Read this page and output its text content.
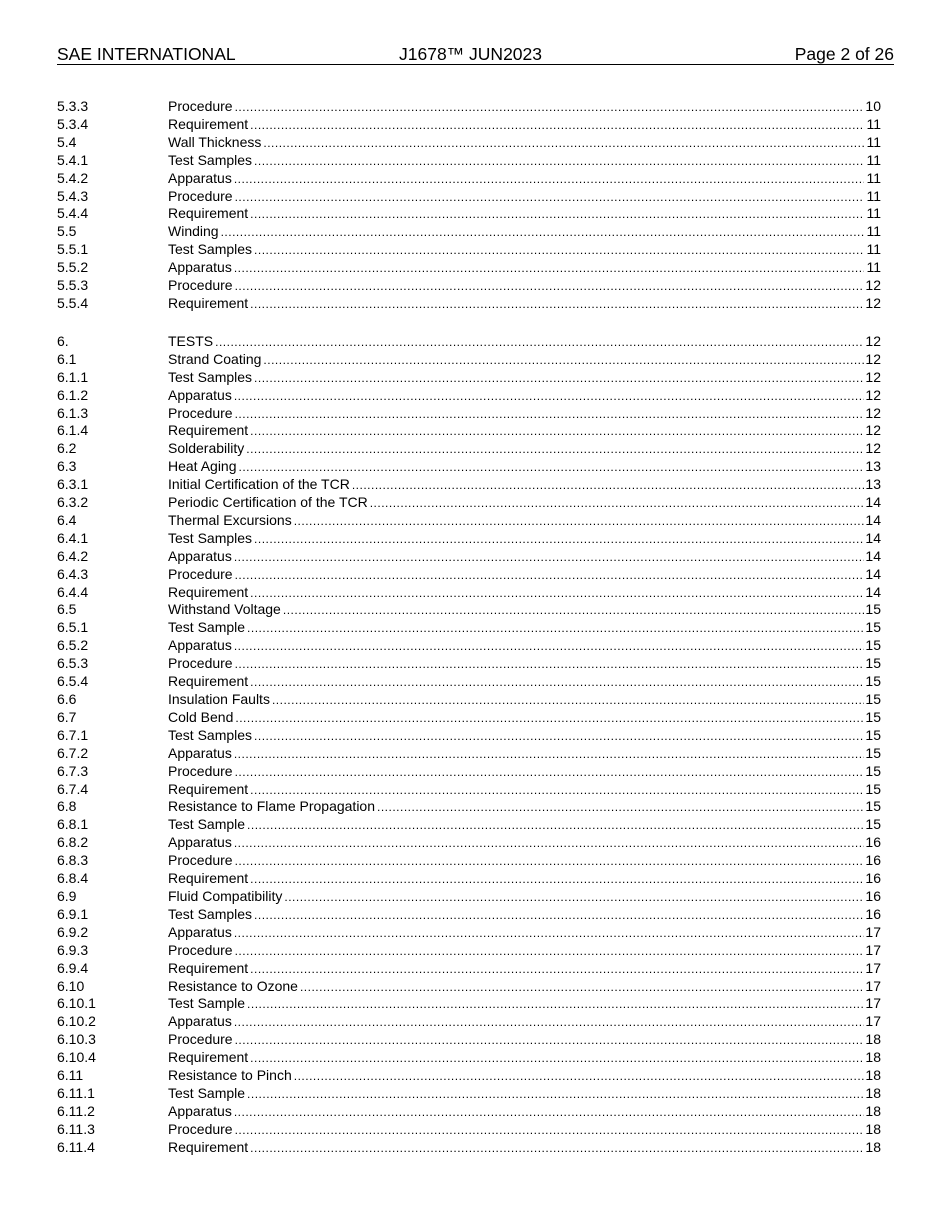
SAE INTERNATIONAL	J1678™ JUN2023	Page 2 of 26
5.3.3	Procedure .....	10
5.3.4	Requirement .....	11
5.4	Wall Thickness .....	11
5.4.1	Test Samples .....	11
5.4.2	Apparatus .....	11
5.4.3	Procedure .....	11
5.4.4	Requirement .....	11
5.5	Winding .....	11
5.5.1	Test Samples .....	11
5.5.2	Apparatus .....	11
5.5.3	Procedure .....	12
5.5.4	Requirement .....	12
6.	TESTS .....	12
6.1	Strand Coating .....	12
6.1.1	Test Samples .....	12
6.1.2	Apparatus .....	12
6.1.3	Procedure .....	12
6.1.4	Requirement .....	12
6.2	Solderability .....	12
6.3	Heat Aging .....	13
6.3.1	Initial Certification of the TCR .....	13
6.3.2	Periodic Certification of the TCR .....	14
6.4	Thermal Excursions .....	14
6.4.1	Test Samples .....	14
6.4.2	Apparatus .....	14
6.4.3	Procedure .....	14
6.4.4	Requirement .....	14
6.5	Withstand Voltage .....	15
6.5.1	Test Sample .....	15
6.5.2	Apparatus .....	15
6.5.3	Procedure .....	15
6.5.4	Requirement .....	15
6.6	Insulation Faults .....	15
6.7	Cold Bend .....	15
6.7.1	Test Samples .....	15
6.7.2	Apparatus .....	15
6.7.3	Procedure .....	15
6.7.4	Requirement .....	15
6.8	Resistance to Flame Propagation .....	15
6.8.1	Test Sample .....	15
6.8.2	Apparatus .....	16
6.8.3	Procedure .....	16
6.8.4	Requirement .....	16
6.9	Fluid Compatibility .....	16
6.9.1	Test Samples .....	16
6.9.2	Apparatus .....	17
6.9.3	Procedure .....	17
6.9.4	Requirement .....	17
6.10	Resistance to Ozone .....	17
6.10.1	Test Sample .....	17
6.10.2	Apparatus .....	17
6.10.3	Procedure .....	18
6.10.4	Requirement .....	18
6.11	Resistance to Pinch .....	18
6.11.1	Test Sample .....	18
6.11.2	Apparatus .....	18
6.11.3	Procedure .....	18
6.11.4	Requirement .....	18
